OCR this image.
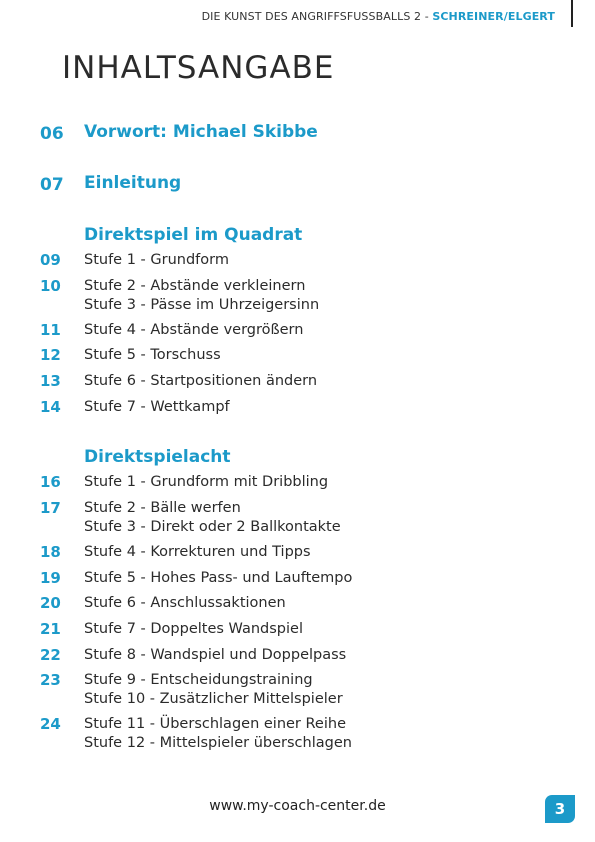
DIE KUNST DES ANGRIFFSFUSSBALLS 2 - SCHREINER/ELGERT
INHALTSANGABE
06 Vorwort: Michael Skibbe
07 Einleitung
Direktspiel im Quadrat
09 Stufe 1 - Grundform
10 Stufe 2 - Abstände verkleinern
Stufe 3 - Pässe im Uhrzeigersinn
11 Stufe 4 - Abstände vergrößern
12 Stufe 5 - Torschuss
13 Stufe 6 - Startpositionen ändern
14 Stufe 7 - Wettkampf
Direktspielacht
16 Stufe 1 - Grundform mit Dribbling
17 Stufe 2 - Bälle werfen
Stufe 3 - Direkt oder 2 Ballkontakte
18 Stufe 4 - Korrekturen und Tipps
19 Stufe 5 - Hohes Pass- und Lauftempo
20 Stufe 6 - Anschlussaktionen
21 Stufe 7 - Doppeltes Wandspiel
22 Stufe 8 - Wandspiel und Doppelpass
23 Stufe 9 - Entscheidungstraining
Stufe 10 - Zusätzlicher Mittelspieler
24 Stufe 11 - Überschlagen einer Reihe
Stufe 12 - Mittelspieler überschlagen
www.my-coach-center.de	3
